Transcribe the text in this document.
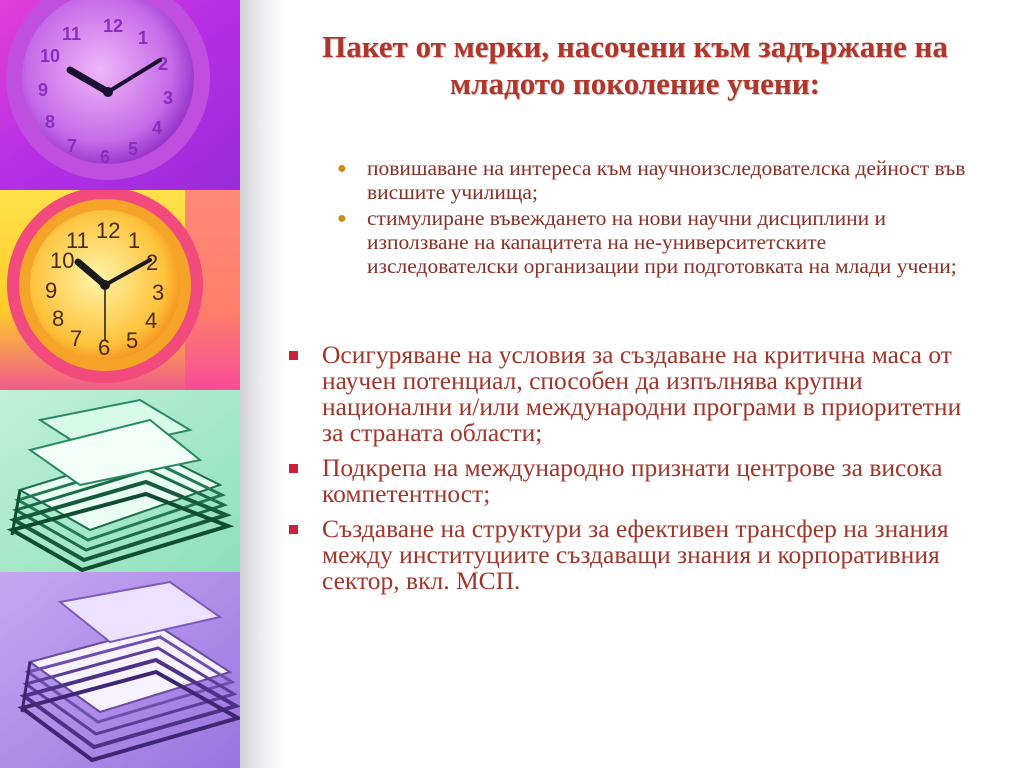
12
1
2
3
4
5
6
7
8
9
10
11
12 1
2
3
4
5
6
7
8
9
10
11
Пакет от мерки, насочени към задържане на младото поколение учени:
● повишаване на интереса към научноизследователска дейност във висшите училища;
● стимулиране въвеждането на нови научни дисциплини и използване на капацитета на не-университетските изследователски организации при подготовката на млади учени;
Осигуряване на условия за създаване на критична маса от научен потенциал, способен да изпълнява крупни национални и/или международни програми в приоритетни за страната области;
Подкрепа на международно признати центрове за висока компетентност;
Създаване на структури за ефективен трансфер на знания между институциите създаващи знания и корпоративния сектор, вкл. МСП.
